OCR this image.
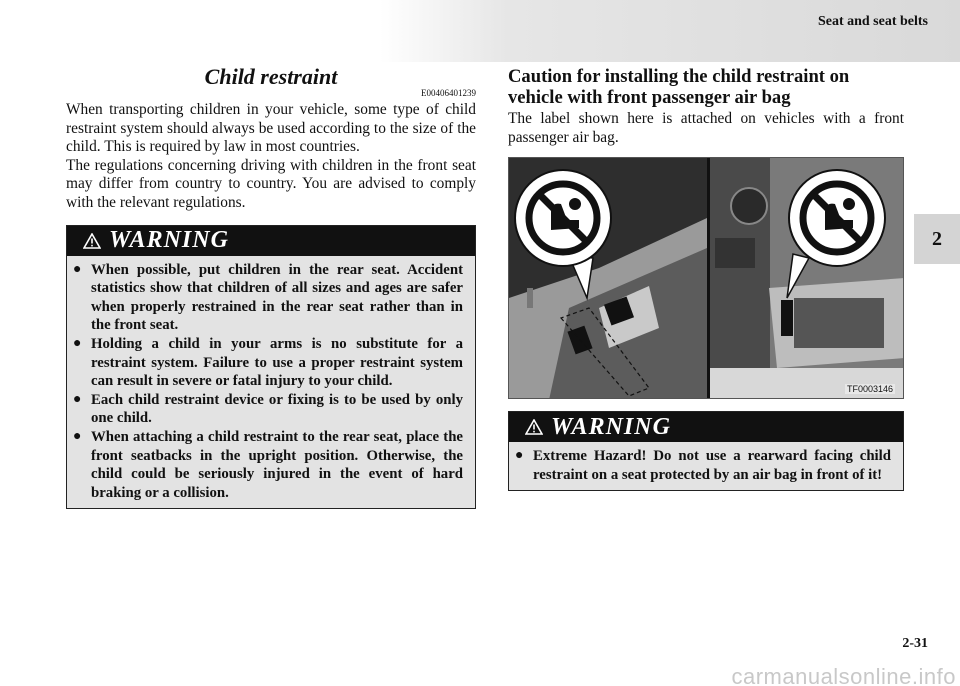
Seat and seat belts
2
Child restraint
E00406401239

When transporting children in your vehicle, some type of child restraint system should always be used according to the size of the child. This is required by law in most countries.

The regulations concerning driving with children in the front seat may differ from country to country. You are advised to comply with the relevant regulations.

WARNING
● When possible, put children in the rear seat. Accident statistics show that children of all sizes and ages are safer when properly restrained in the rear seat rather than in the front seat.
● Holding a child in your arms is no substitute for a restraint system. Failure to use a proper restraint system can result in severe or fatal injury to your child.
● Each child restraint device or fixing is to be used by only one child.
● When attaching a child restraint to the rear seat, place the front seatbacks in the upright position. Otherwise, the child could be seriously injured in the event of hard braking or a collision.
Caution for installing the child restraint on vehicle with front passenger air bag

The label shown here is attached on vehicles with a front passenger air bag.

TF0003146
WARNING
● Extreme Hazard! Do not use a rearward facing child restraint on a seat protected by an air bag in front of it!
2-31
carmanualsonline.info
